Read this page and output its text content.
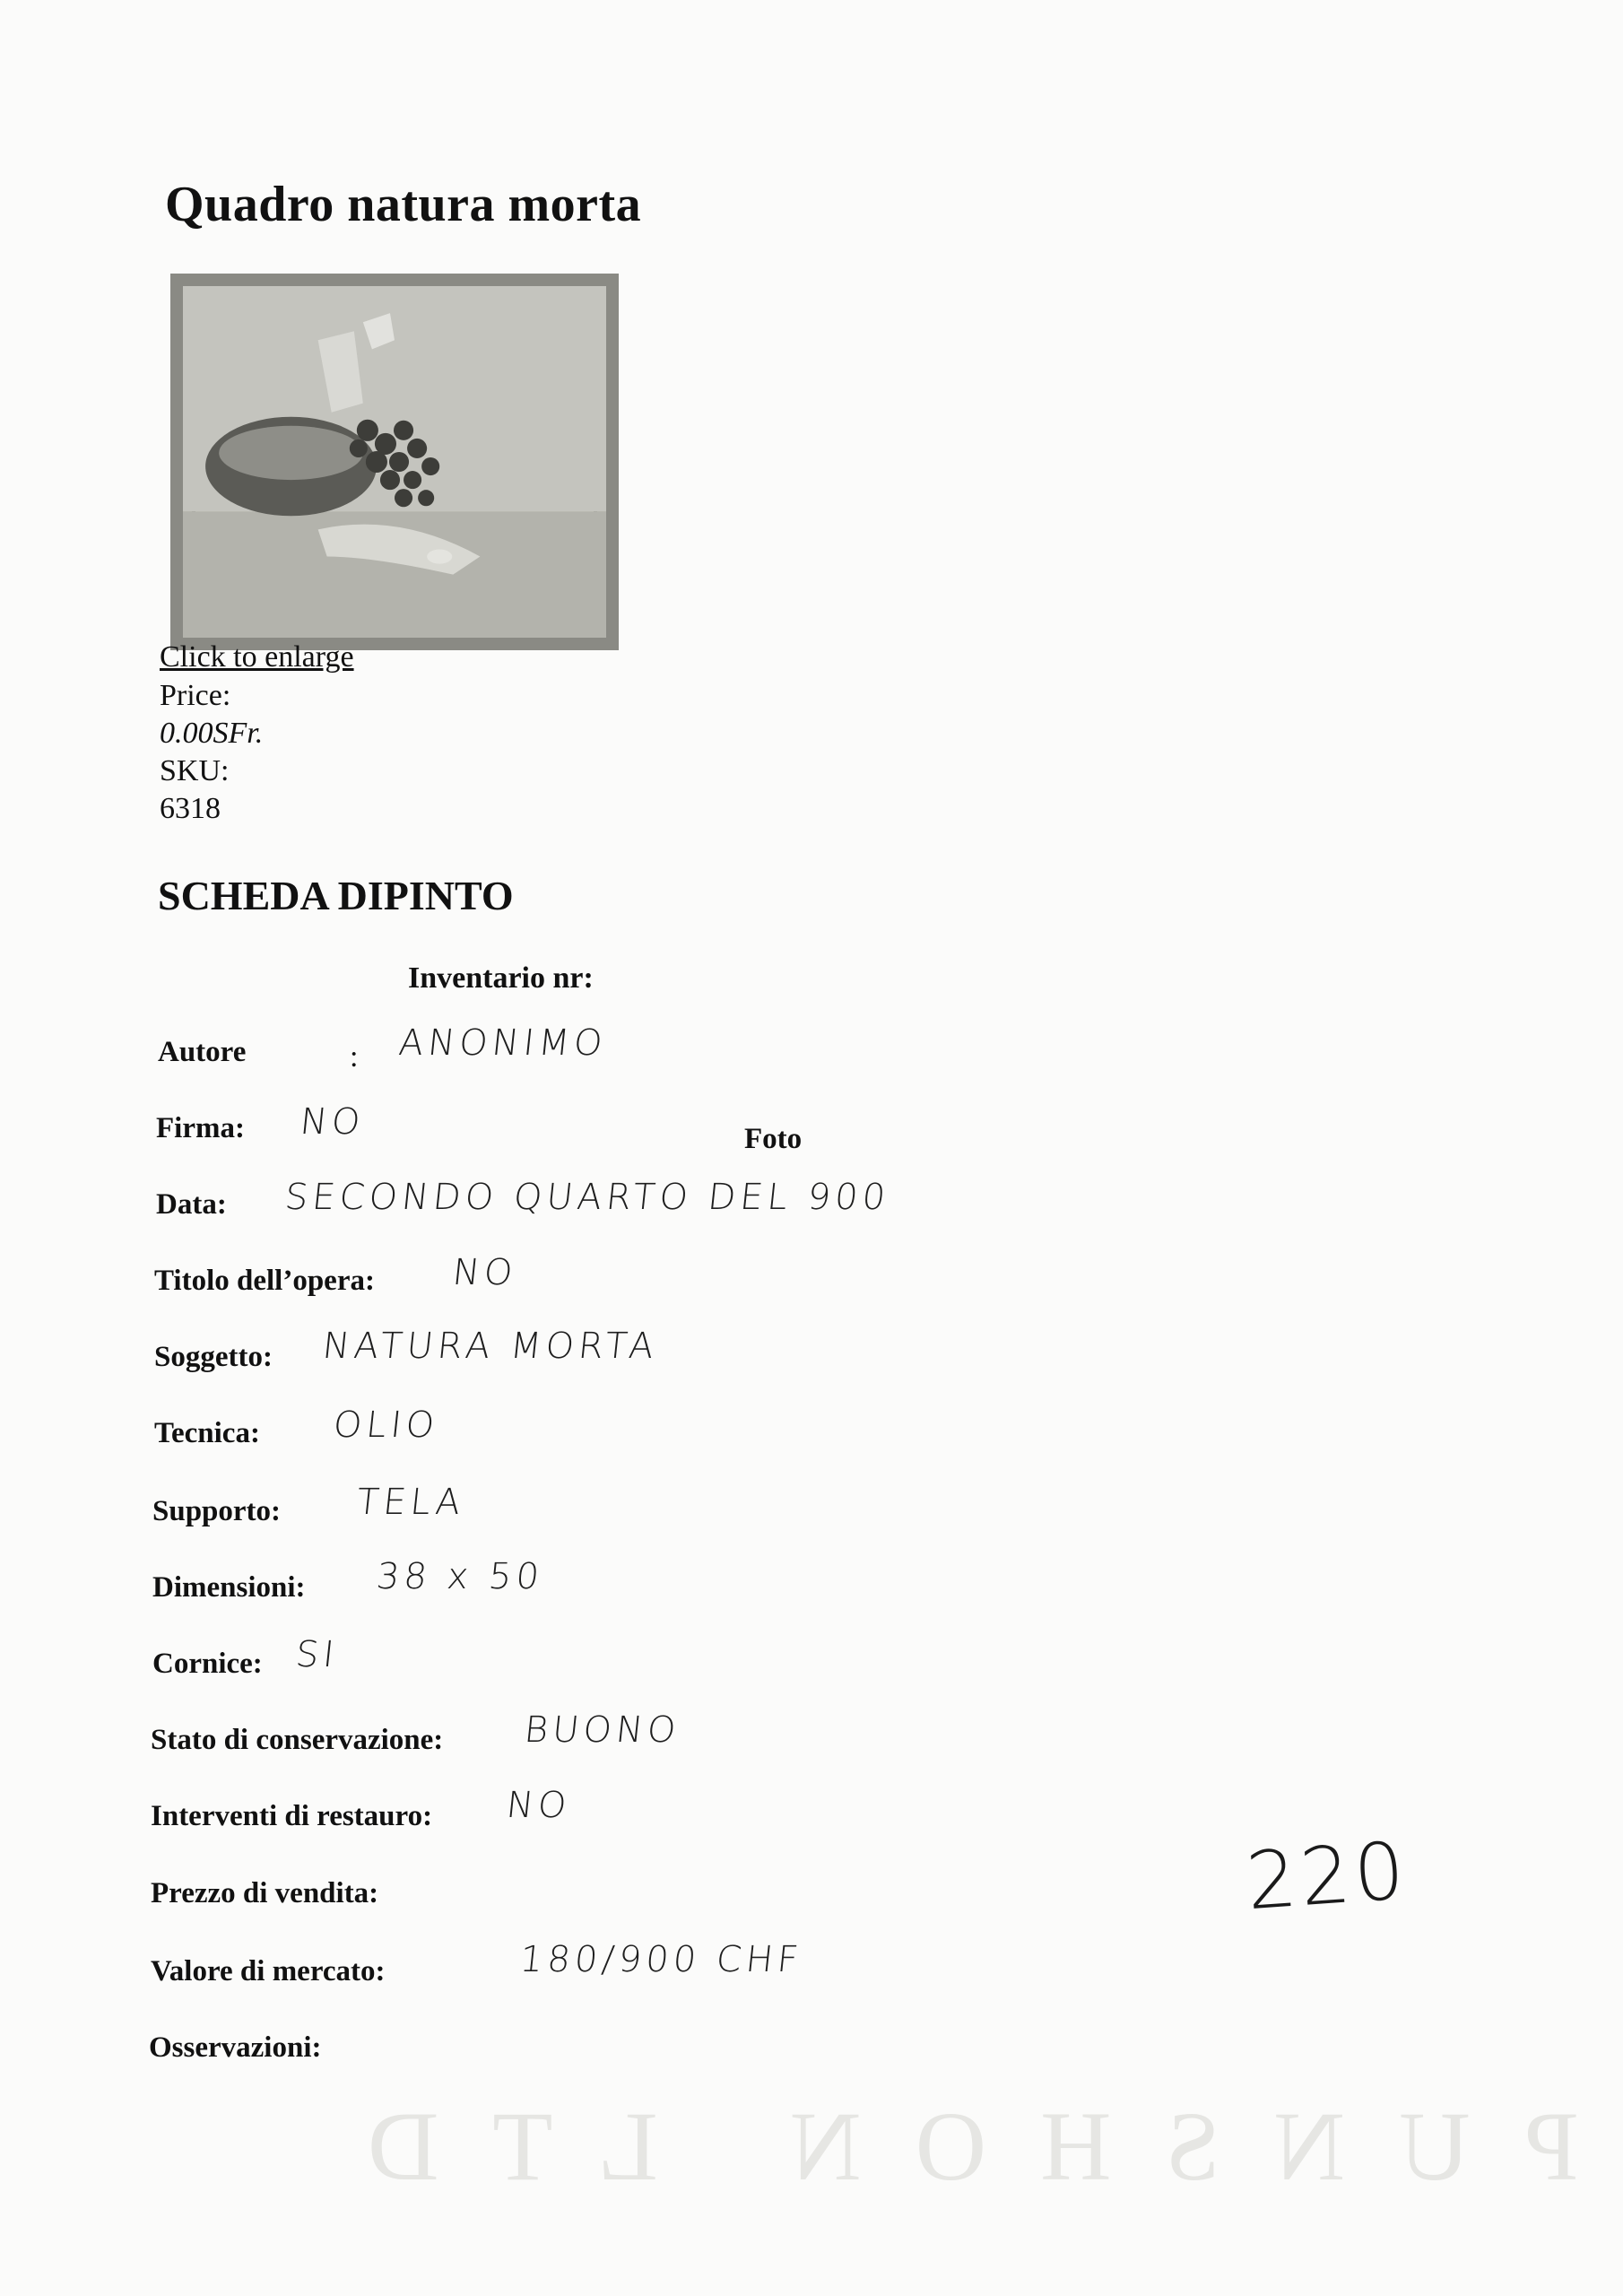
Quadro natura morta
Click to enlarge
Price:
0.00SFr.
SKU:
6318
SCHEDA DIPINTO
Inventario nr:
:
Foto
Autore	ANONIMO
Firma: NO
Data: SECONDO QUARTO DEL 900
Titolo dell’opera: NO
Soggetto: NATURA MORTA
Tecnica: OLIO
Supporto: TELA
Dimensioni: 38 x 50
Cornice: SI
Stato di conservazione: BUONO
Interventi di restauro: NO
Prezzo di vendita:
Valore di mercato:	180/900 CHF
Osservazioni:
220
PUNSHON LTD
